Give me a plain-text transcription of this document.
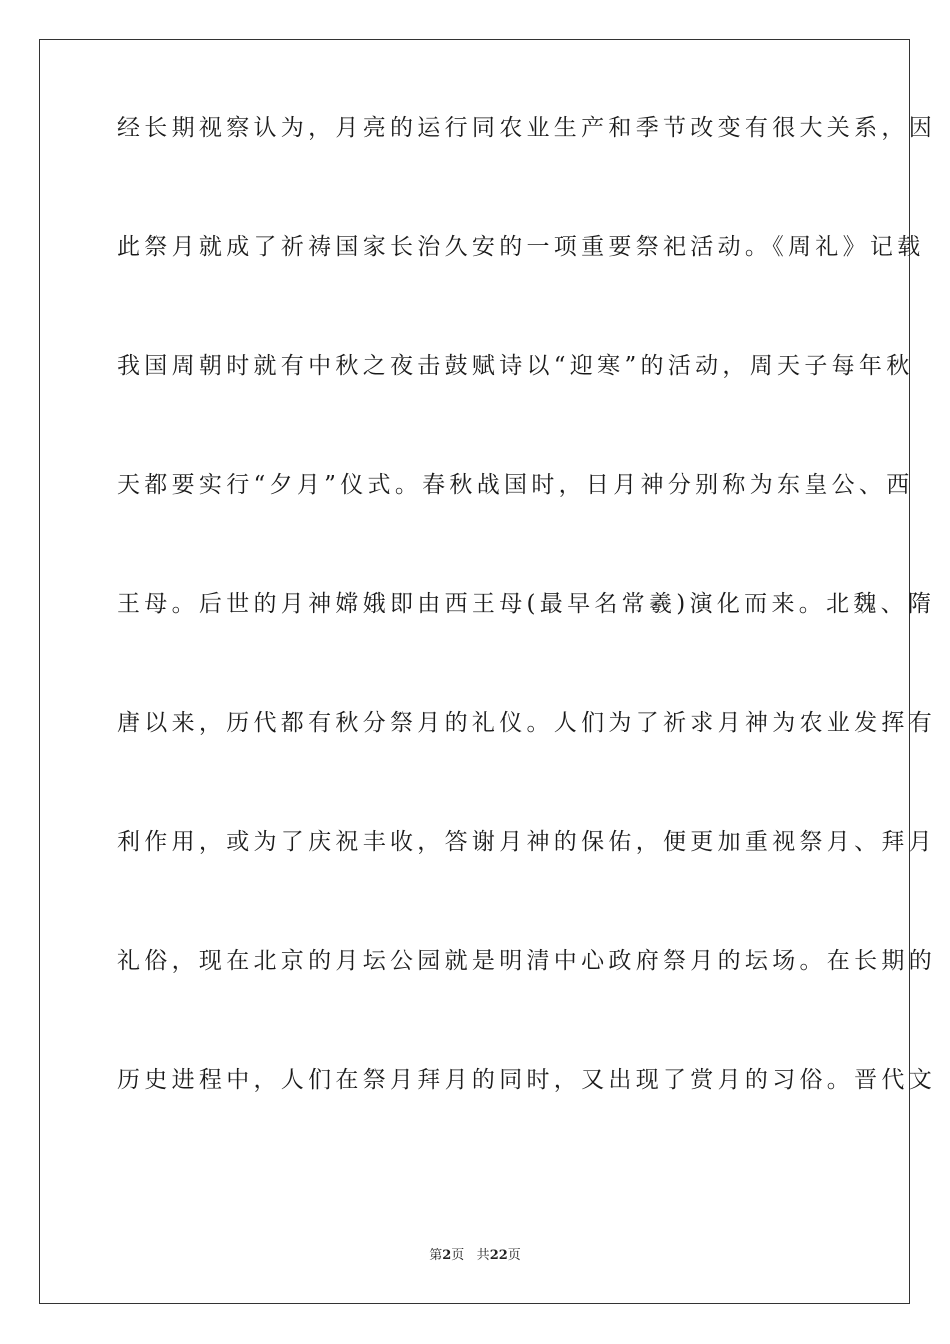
经长期视察认为，月亮的运行同农业生产和季节改变有很大关系，因
此祭月就成了祈祷国家长治久安的一项重要祭祀活动。《周礼》记载
我国周朝时就有中秋之夜击鼓赋诗以“迎寒”的活动，周天子每年秋
天都要实行“夕月”仪式。春秋战国时，日月神分别称为东皇公、西
王母。后世的月神嫦娥即由西王母(最早名常羲)演化而来。北魏、隋
唐以来，历代都有秋分祭月的礼仪。人们为了祈求月神为农业发挥有
利作用，或为了庆祝丰收，答谢月神的保佑，便更加重视祭月、拜月
礼俗，现在北京的月坛公园就是明清中心政府祭月的坛场。在长期的
历史进程中，人们在祭月拜月的同时，又出现了赏月的习俗。晋代文
第2页 共22页
